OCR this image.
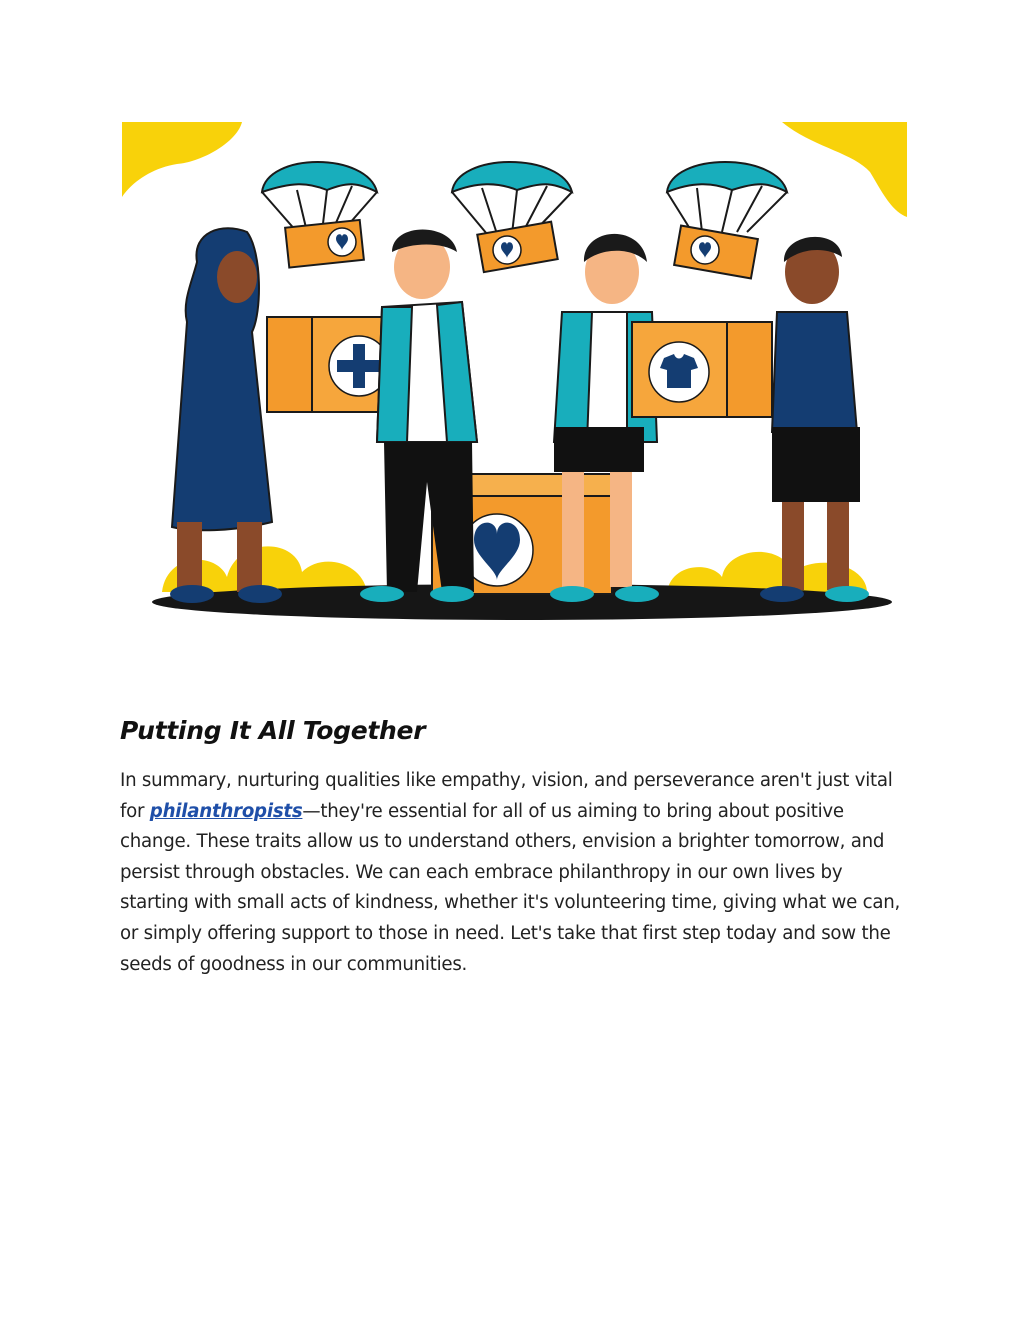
Putting It All Together

In summary, nurturing qualities like empathy, vision, and perseverance aren't just vital for philanthropists—they're essential for all of us aiming to bring about positive change. These traits allow us to understand others, envision a brighter tomorrow, and persist through obstacles. We can each embrace philanthropy in our own lives by starting with small acts of kindness, whether it's volunteering time, giving what we can, or simply offering support to those in need. Let's take that first step today and sow the seeds of goodness in our communities.
